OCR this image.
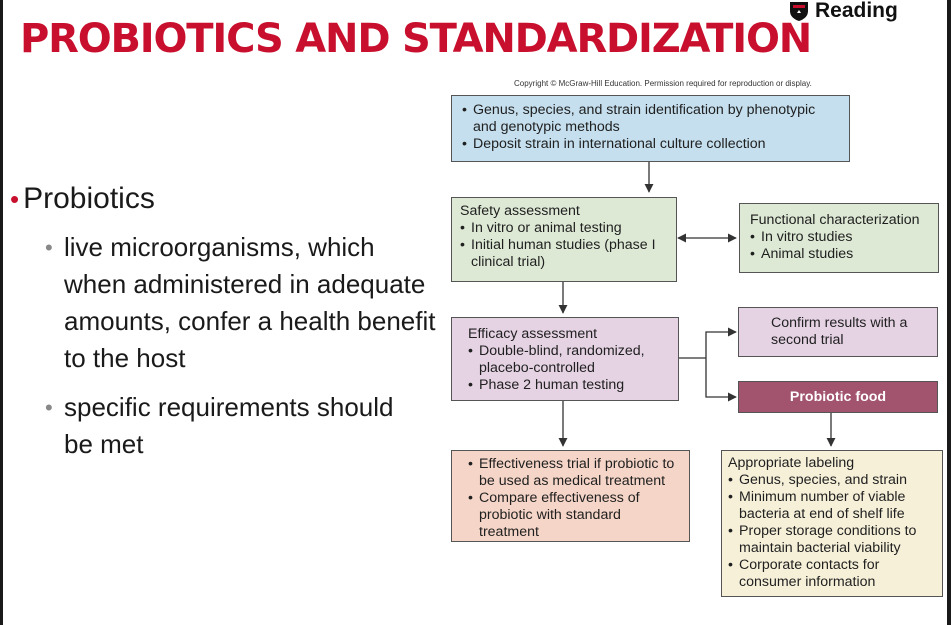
Reading
PROBIOTICS AND STANDARDIZATION
Copyright © McGraw-Hill Education. Permission required for reproduction or display.
• Probiotics
• live microorganisms, which when administered in adequate amounts, confer a health benefit to the host
• specific requirements should be met
• Genus, species, and strain identification by phenotypic and genotypic methods
• Deposit strain in international culture collection
Safety assessment
• In vitro or animal testing
• Initial human studies (phase I clinical trial)
Functional characterization
• In vitro studies
• Animal studies
Efficacy assessment
• Double-blind, randomized, placebo-controlled
• Phase 2 human testing
Confirm results with a second trial
Probiotic food
• Effectiveness trial if probiotic to be used as medical treatment
• Compare effectiveness of probiotic with standard treatment
Appropriate labeling
• Genus, species, and strain
• Minimum number of viable bacteria at end of shelf life
• Proper storage conditions to maintain bacterial viability
• Corporate contacts for consumer information
